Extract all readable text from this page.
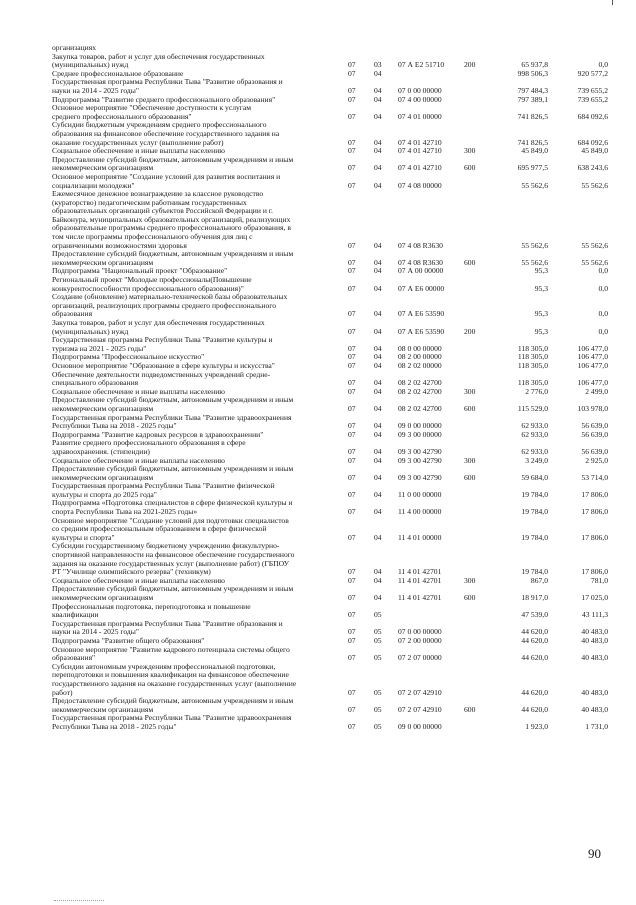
организациях
Закупка товаров, работ и услуг для обеспечения государственных
(муниципальных) нужд	07	03	07 А Е2 51710	200	65 937,8	0,0
Среднее профессиональное образование	07	04	998 506,3	920 577,2
Государственная программа Республики Тыва "Развитие образования и
науки на 2014 - 2025 годы"	07	04	07 0 00 00000	797 484,3	739 655,2
Подпрограмма "Развитие среднего профессионального образования"	07	04	07 4 00 00000	797 389,1	739 655,2
Основное мероприятие "Обеспечение доступности к услугам
среднего профессионального образования"	07	04	07 4 01 00000	741 826,5	684 092,6
Субсидии бюджетным учреждениям среднего профессионального
образования на финансовое обеспечение государственного задания на
оказание государственных услуг (выполнение работ)	07	04	07 4 01 42710	741 826,5	684 092,6
Социальное обеспечение и иные выплаты населению	07	04	07 4 01 42710	300	45 849,0	45 849,0
Предоставление субсидий бюджетным, автономным учреждениям и иным
некоммерческим организациям	07	04	07 4 01 42710	600	695 977,5	638 243,6
Основное мероприятие "Создание условий для развития воспитания и
социализации молодежи"	07	04	07 4 08 00000	55 562,6	55 562,6
Ежемесячное денежное вознаграждение за классное руководство
(кураторство) педагогическим работникам государственных
образовательных организаций субъектов Российской Федерации и г.
Байконура, муниципальных образовательных организаций, реализующих
образовательные программы среднего профессионального образования, в
том числе программы профессионального обучения для лиц с
ограниченными возможностями здоровья	07	04	07 4 08 R3630	55 562,6	55 562,6
Предоставление субсидий бюджетным, автономным учреждениям и иным
некоммерческим организациям	07	04	07 4 08 R3630	600	55 562,6	55 562,6
Подпрограмма "Национальный проект "Образование"	07	04	07 А 00 00000	95,3	0,0
Региональный проект "Молодые профессионалы(Повышение
конкурентоспособности профессионального образования)"	07	04	07 А Е6 00000	95,3	0,0
Создание (обновление) материально-технической базы образовательных
организаций, реализующих программы среднего профессионального
образования	07	04	07 А Е6 53590	95,3	0,0
Закупка товаров, работ и услуг для обеспечения государственных
(муниципальных) нужд	07	04	07 А Е6 53590	200	95,3	0,0
Государственная программа Республики Тыва "Развитие культуры и
туризма на 2021 - 2025 годы"	07	04	08 0 00 00000	118 305,0	106 477,0
Подпрограмма "Профессиональное искусство"	07	04	08 2 00 00000	118 305,0	106 477,0
Основное мероприятие "Образование в сфере культуры и искусства"	07	04	08 2 02 00000	118 305,0	106 477,0
Обеспечение деятельности подведомственных учреждений средне-
специального образования	07	04	08 2 02 42700	118 305,0	106 477,0
Социальное обеспечение и иные выплаты населению	07	04	08 2 02 42700	300	2 776,0	2 499,0
Предоставление субсидий бюджетным, автономным учреждениям и иным
некоммерческим организациям	07	04	08 2 02 42700	600	115 529,0	103 978,0
Государственная программа Республики Тыва "Развитие здравоохранения
Республики Тыва на 2018 - 2025 годы"	07	04	09 0 00 00000	62 933,0	56 639,0
Подпрограмма "Развитие кадровых ресурсов в здравоохранении"	07	04	09 3 00 00000	62 933,0	56 639,0
Развитие среднего профессионального образования в сфере
здравоохранения. (стипендии)	07	04	09 3 00 42790	62 933,0	56 639,0
Социальное обеспечение и иные выплаты населению	07	04	09 3 00 42790	300	3 249,0	2 925,0
Предоставление субсидий бюджетным, автономным учреждениям и иным
некоммерческим организациям	07	04	09 3 00 42790	600	59 684,0	53 714,0
Государственная программа Республики Тыва "Развитие физической
культуры и спорта до 2025 года"	07	04	11 0 00 00000	19 784,0	17 806,0
Подпрограмма «Подготовка специалистов в сфере физической культуры и
спорта Республики Тыва на 2021-2025 годы»	07	04	11 4 00 00000	19 784,0	17 806,0
Основное мероприятие "Создание условий для подготовки специалистов
со средним профессиональным образованием в сфере физической
культуры и спорта"	07	04	11 4 01 00000	19 784,0	17 806,0
Субсидии государственному бюджетному учреждению физкультурно-
спортивной направленности на финансовое обеспечение государственного
задания на оказание государственных услуг (выполнение работ) (ГБПОУ
РТ "Училище олимпийского резерва" (техникум)	07	04	11 4 01 42701	19 784,0	17 806,0
Социальное обеспечение и иные выплаты населению	07	04	11 4 01 42701	300	867,0	781,0
Предоставление субсидий бюджетным, автономным учреждениям и иным
некоммерческим организациям	07	04	11 4 01 42701	600	18 917,0	17 025,0
Профессиональная подготовка, переподготовка и повышение
квалификации	07	05	47 539,0	43 111,3
Государственная программа Республики Тыва "Развитие образования и
науки на 2014 - 2025 годы"	07	05	07 0 00 00000	44 620,0	40 483,0
Подпрограмма "Развитие общего образования"	07	05	07 2 00 00000	44 620,0	40 483,0
Основное мероприятие "Развитие кадрового потенциала системы общего
образования"	07	05	07 2 07 00000	44 620,0	40 483,0
Субсидии автономным учреждениям профессиональной подготовки,
переподготовки и повышения квалификации на финансовое обеспечение
государственного задания на оказание государственных услуг (выполнение
работ)	07	05	07 2 07 42910	44 620,0	40 483,0
Предоставление субсидий бюджетным, автономным учреждениям и иным
некоммерческим организациям	07	05	07 2 07 42910	600	44 620,0	40 483,0
Государственная программа Республики Тыва "Развитие здравоохранения
Республики Тыва на 2018 - 2025 годы"	07	05	09 0 00 00000	1 923,0	1 731,0
90
